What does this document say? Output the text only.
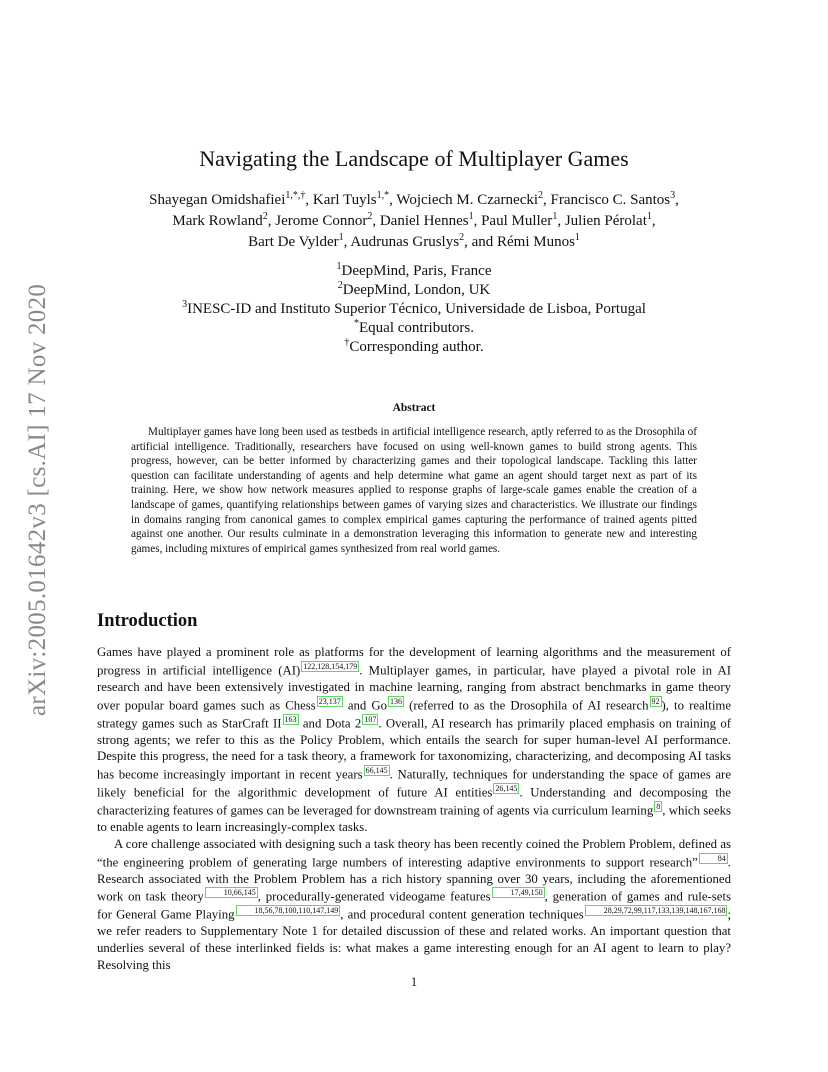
arXiv:2005.01642v3 [cs.AI] 17 Nov 2020
Navigating the Landscape of Multiplayer Games
Shayegan Omidshafiei$^{1,*,\dagger}$, Karl Tuyls$^{1,*}$, Wojciech M. Czarnecki$^2$, Francisco C. Santos$^3$,
Mark Rowland$^2$, Jerome Connor$^2$, Daniel Hennes$^1$, Paul Muller$^1$, Julien Pérolat$^1$,
Bart De Vylder$^1$, Audrunas Gruslys$^2$, and Rémi Munos$^1$
$^1$DeepMind, Paris, France
$^2$DeepMind, London, UK
$^3$INESC-ID and Instituto Superior Técnico, Universidade de Lisboa, Portugal
*Equal contributors.
†Corresponding author.
Abstract
Multiplayer games have long been used as testbeds in artificial intelligence research, aptly referred to as the Drosophila of artificial intelligence. Traditionally, researchers have focused on using well-known games to build strong agents. This progress, however, can be better informed by characterizing games and their topological landscape. Tackling this latter question can facilitate understanding of agents and help determine what game an agent should target next as part of its training. Here, we show how network measures applied to response graphs of large-scale games enable the creation of a landscape of games, quantifying relationships between games of varying sizes and characteristics. We illustrate our findings in domains ranging from canonical games to complex empirical games capturing the performance of trained agents pitted against one another. Our results culminate in a demonstration leveraging this information to generate new and interesting games, including mixtures of empirical games synthesized from real world games.
Introduction

Games have played a prominent role as platforms for the development of learning algorithms and the measurement of progress in artificial intelligence (AI) 122,128,154,179 . Multiplayer games, in particular, have played a pivotal role in AI research and have been extensively investigated in machine learning, ranging from abstract benchmarks in game theory over popular board games such as Chess 23,137 and Go 136 (referred to as the Drosophila of AI research 92 ), to realtime strategy games such as StarCraft II 163 and Dota 2 107 . Overall, AI research has primarily placed emphasis on training of strong agents; we refer to this as the Policy Problem, which entails the search for super human-level AI performance. Despite this progress, the need for a task theory, a framework for taxonomizing, characterizing, and decomposing AI tasks has become increasingly important in recent years 66,145 . Naturally, techniques for understanding the space of games are likely beneficial for the algorithmic development of future AI entities 26,145 . Understanding and decomposing the characterizing features of games can be leveraged for downstream training of agents via curriculum learning 8 , which seeks to enable agents to learn increasingly-complex tasks.

A core challenge associated with designing such a task theory has been recently coined the Problem Problem, defined as “the engineering problem of generating large numbers of interesting adaptive environments to support research”	84 . Research associated with the Problem Problem has a rich history spanning over 30 years, including the aforementioned work on task theory	10,66,145 , procedurally-generated videogame features	17,49,150 , generation of games and rule-sets for General Game Playing	18,56,78,100,110,147,149 , and procedural content generation techniques	28,29,72,99,117,133,139,148,167,168 ; we refer readers to Supplementary Note 1 for detailed discussion of these and related works. An important question that underlies several of these interlinked fields is: what makes a game interesting enough for an AI agent to learn to play? Resolving this

1
